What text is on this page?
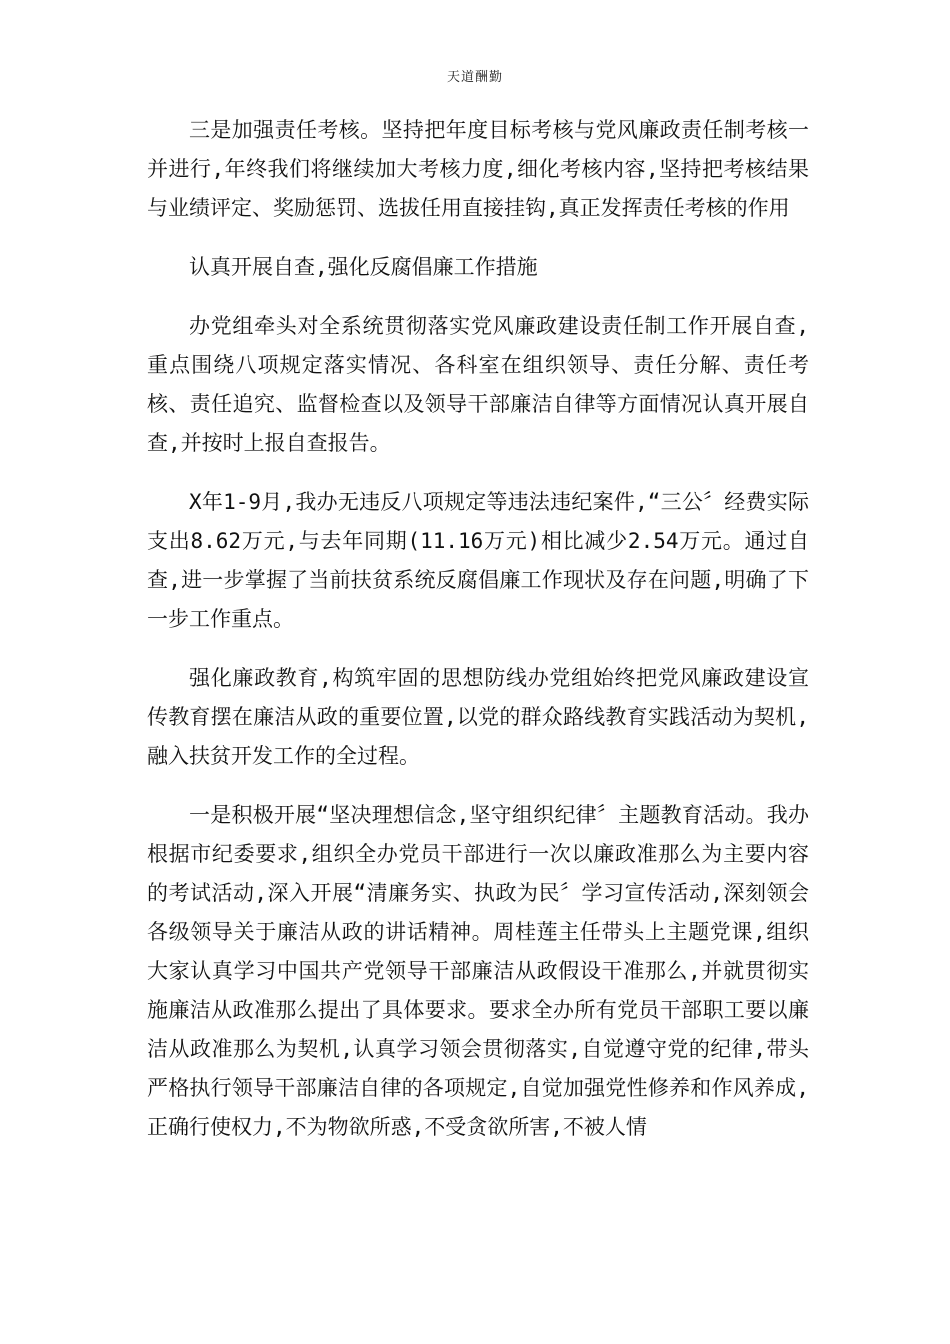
天道酬勤

三是加强责任考核。坚持把年度目标考核与党风廉政责任制考核一并进行,年终我们将继续加大考核力度,细化考核内容,坚持把考核结果与业绩评定、奖励惩罚、选拔任用直接挂钩,真正发挥责任考核的作用

认真开展自查,强化反腐倡廉工作措施

办党组牵头对全系统贯彻落实党风廉政建设责任制工作开展自查,重点围绕八项规定落实情况、各科室在组织领导、责任分解、责任考核、责任追究、监督检查以及领导干部廉洁自律等方面情况认真开展自查,并按时上报自查报告。

X年1-9月,我办无违反八项规定等违法违纪案件,“三公〞经费实际支出8.62万元,与去年同期(11.16万元)相比减少2.54万元。通过自查,进一步掌握了当前扶贫系统反腐倡廉工作现状及存在问题,明确了下一步工作重点。

强化廉政教育,构筑牢固的思想防线办党组始终把党风廉政建设宣传教育摆在廉洁从政的重要位置,以党的群众路线教育实践活动为契机,融入扶贫开发工作的全过程。

一是积极开展“坚决理想信念,坚守组织纪律〞主题教育活动。我办根据市纪委要求,组织全办党员干部进行一次以廉政准那么为主要内容的考试活动,深入开展“清廉务实、执政为民〞学习宣传活动,深刻领会各级领导关于廉洁从政的讲话精神。周桂莲主任带头上主题党课,组织大家认真学习中国共产党领导干部廉洁从政假设干准那么,并就贯彻实施廉洁从政准那么提出了具体要求。要求全办所有党员干部职工要以廉洁从政准那么为契机,认真学习领会贯彻落实,自觉遵守党的纪律,带头严格执行领导干部廉洁自律的各项规定,自觉加强党性修养和作风养成,正确行使权力,不为物欲所惑,不受贪欲所害,不被人情
